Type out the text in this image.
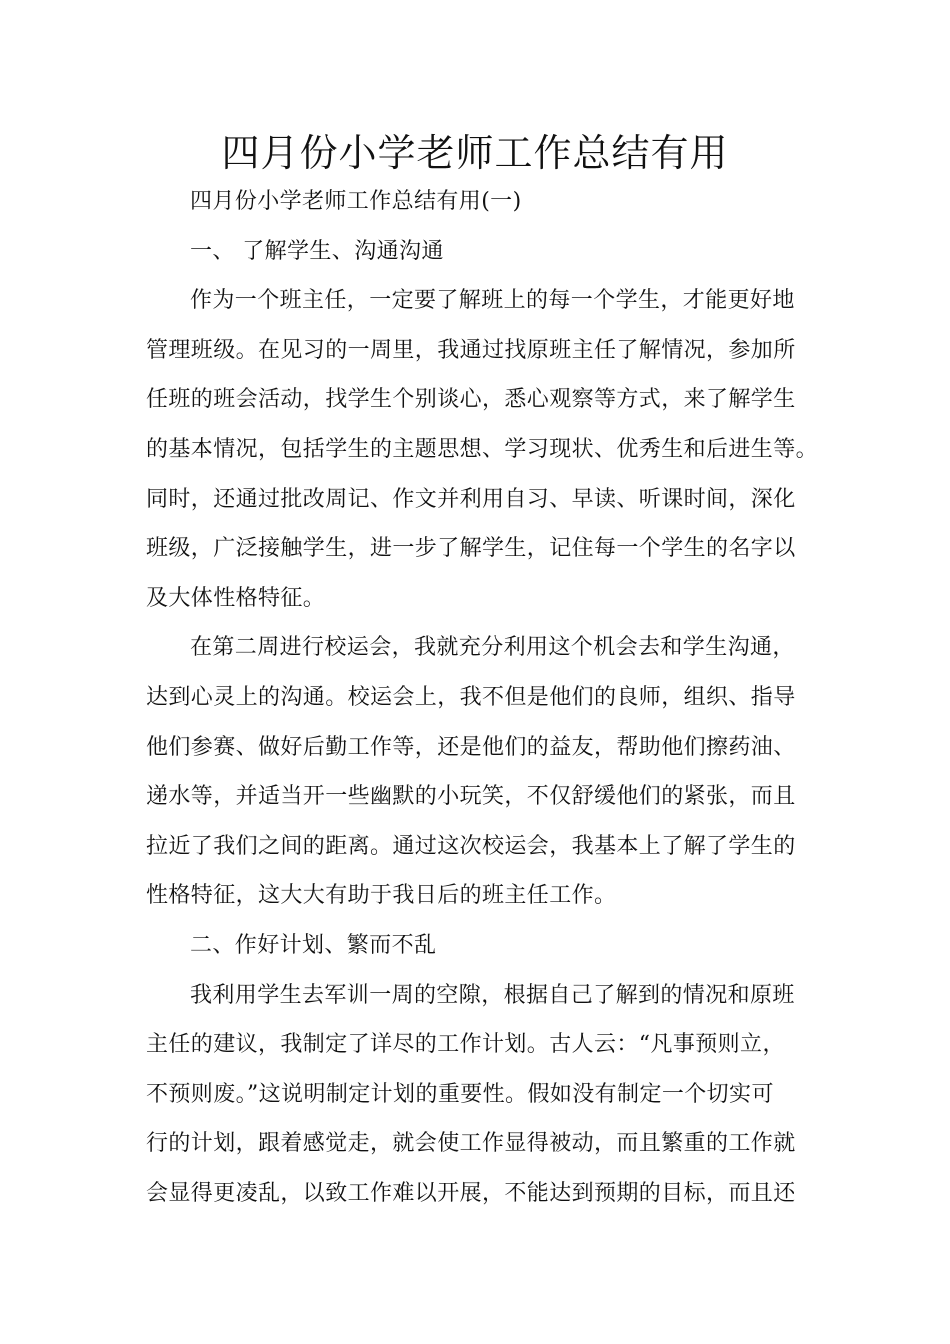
四月份小学老师工作总结有用

四月份小学老师工作总结有用(一)

一、 了解学生、沟通沟通

作为一个班主任，一定要了解班上的每一个学生，才能更好地

管理班级。在见习的一周里，我通过找原班主任了解情况，参加所

任班的班会活动，找学生个别谈心，悉心观察等方式，来了解学生

的基本情况，包括学生的主题思想、学习现状、优秀生和后进生等。

同时，还通过批改周记、作文并利用自习、早读、听课时间，深化

班级，广泛接触学生，进一步了解学生，记住每一个学生的名字以

及大体性格特征。

在第二周进行校运会，我就充分利用这个机会去和学生沟通，

达到心灵上的沟通。校运会上，我不但是他们的良师，组织、指导

他们参赛、做好后勤工作等，还是他们的益友，帮助他们擦药油、

递水等，并适当开一些幽默的小玩笑，不仅舒缓他们的紧张，而且

拉近了我们之间的距离。通过这次校运会，我基本上了解了学生的

性格特征，这大大有助于我日后的班主任工作。

二、作好计划、繁而不乱

我利用学生去军训一周的空隙，根据自己了解到的情况和原班

主任的建议，我制定了详尽的工作计划。古人云：“凡事预则立，

不预则废。”这说明制定计划的重要性。假如没有制定一个切实可

行的计划，跟着感觉走，就会使工作显得被动，而且繁重的工作就

会显得更凌乱，以致工作难以开展，不能达到预期的目标，而且还
